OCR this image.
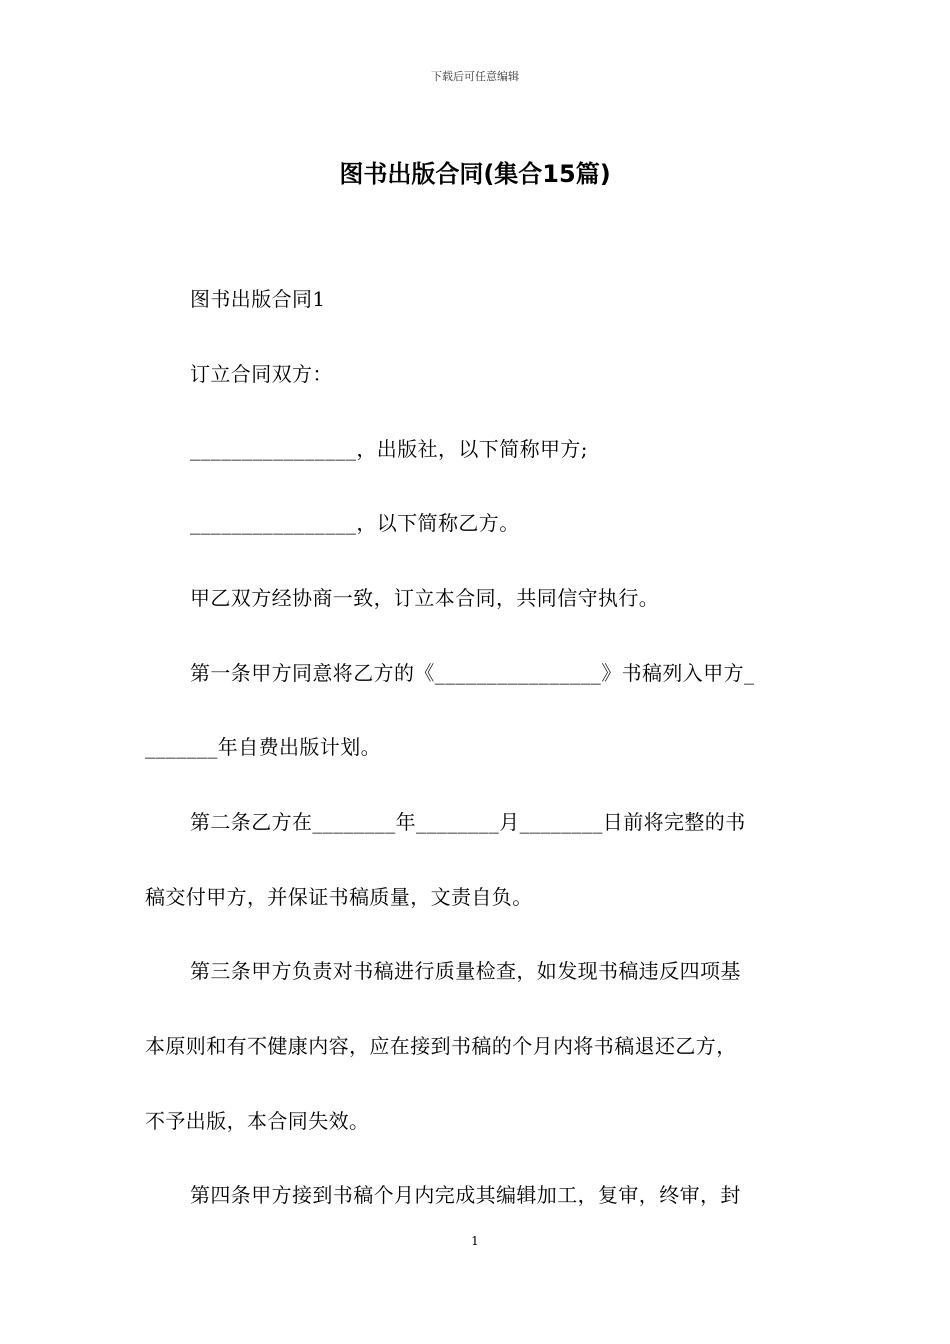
下载后可任意编辑
图书出版合同(集合15篇)
图书出版合同1
订立合同双方：
________________，出版社，以下简称甲方;
________________，以下简称乙方。
甲乙双方经协商一致，订立本合同，共同信守执行。
第一条甲方同意将乙方的《________________》书稿列入甲方_
_______年自费出版计划。
第二条乙方在________年________月________日前将完整的书
稿交付甲方，并保证书稿质量，文责自负。
第三条甲方负责对书稿进行质量检查，如发现书稿违反四项基
本原则和有不健康内容，应在接到书稿的个月内将书稿退还乙方，
不予出版，本合同失效。
第四条甲方接到书稿个月内完成其编辑加工，复审，终审，封
1
